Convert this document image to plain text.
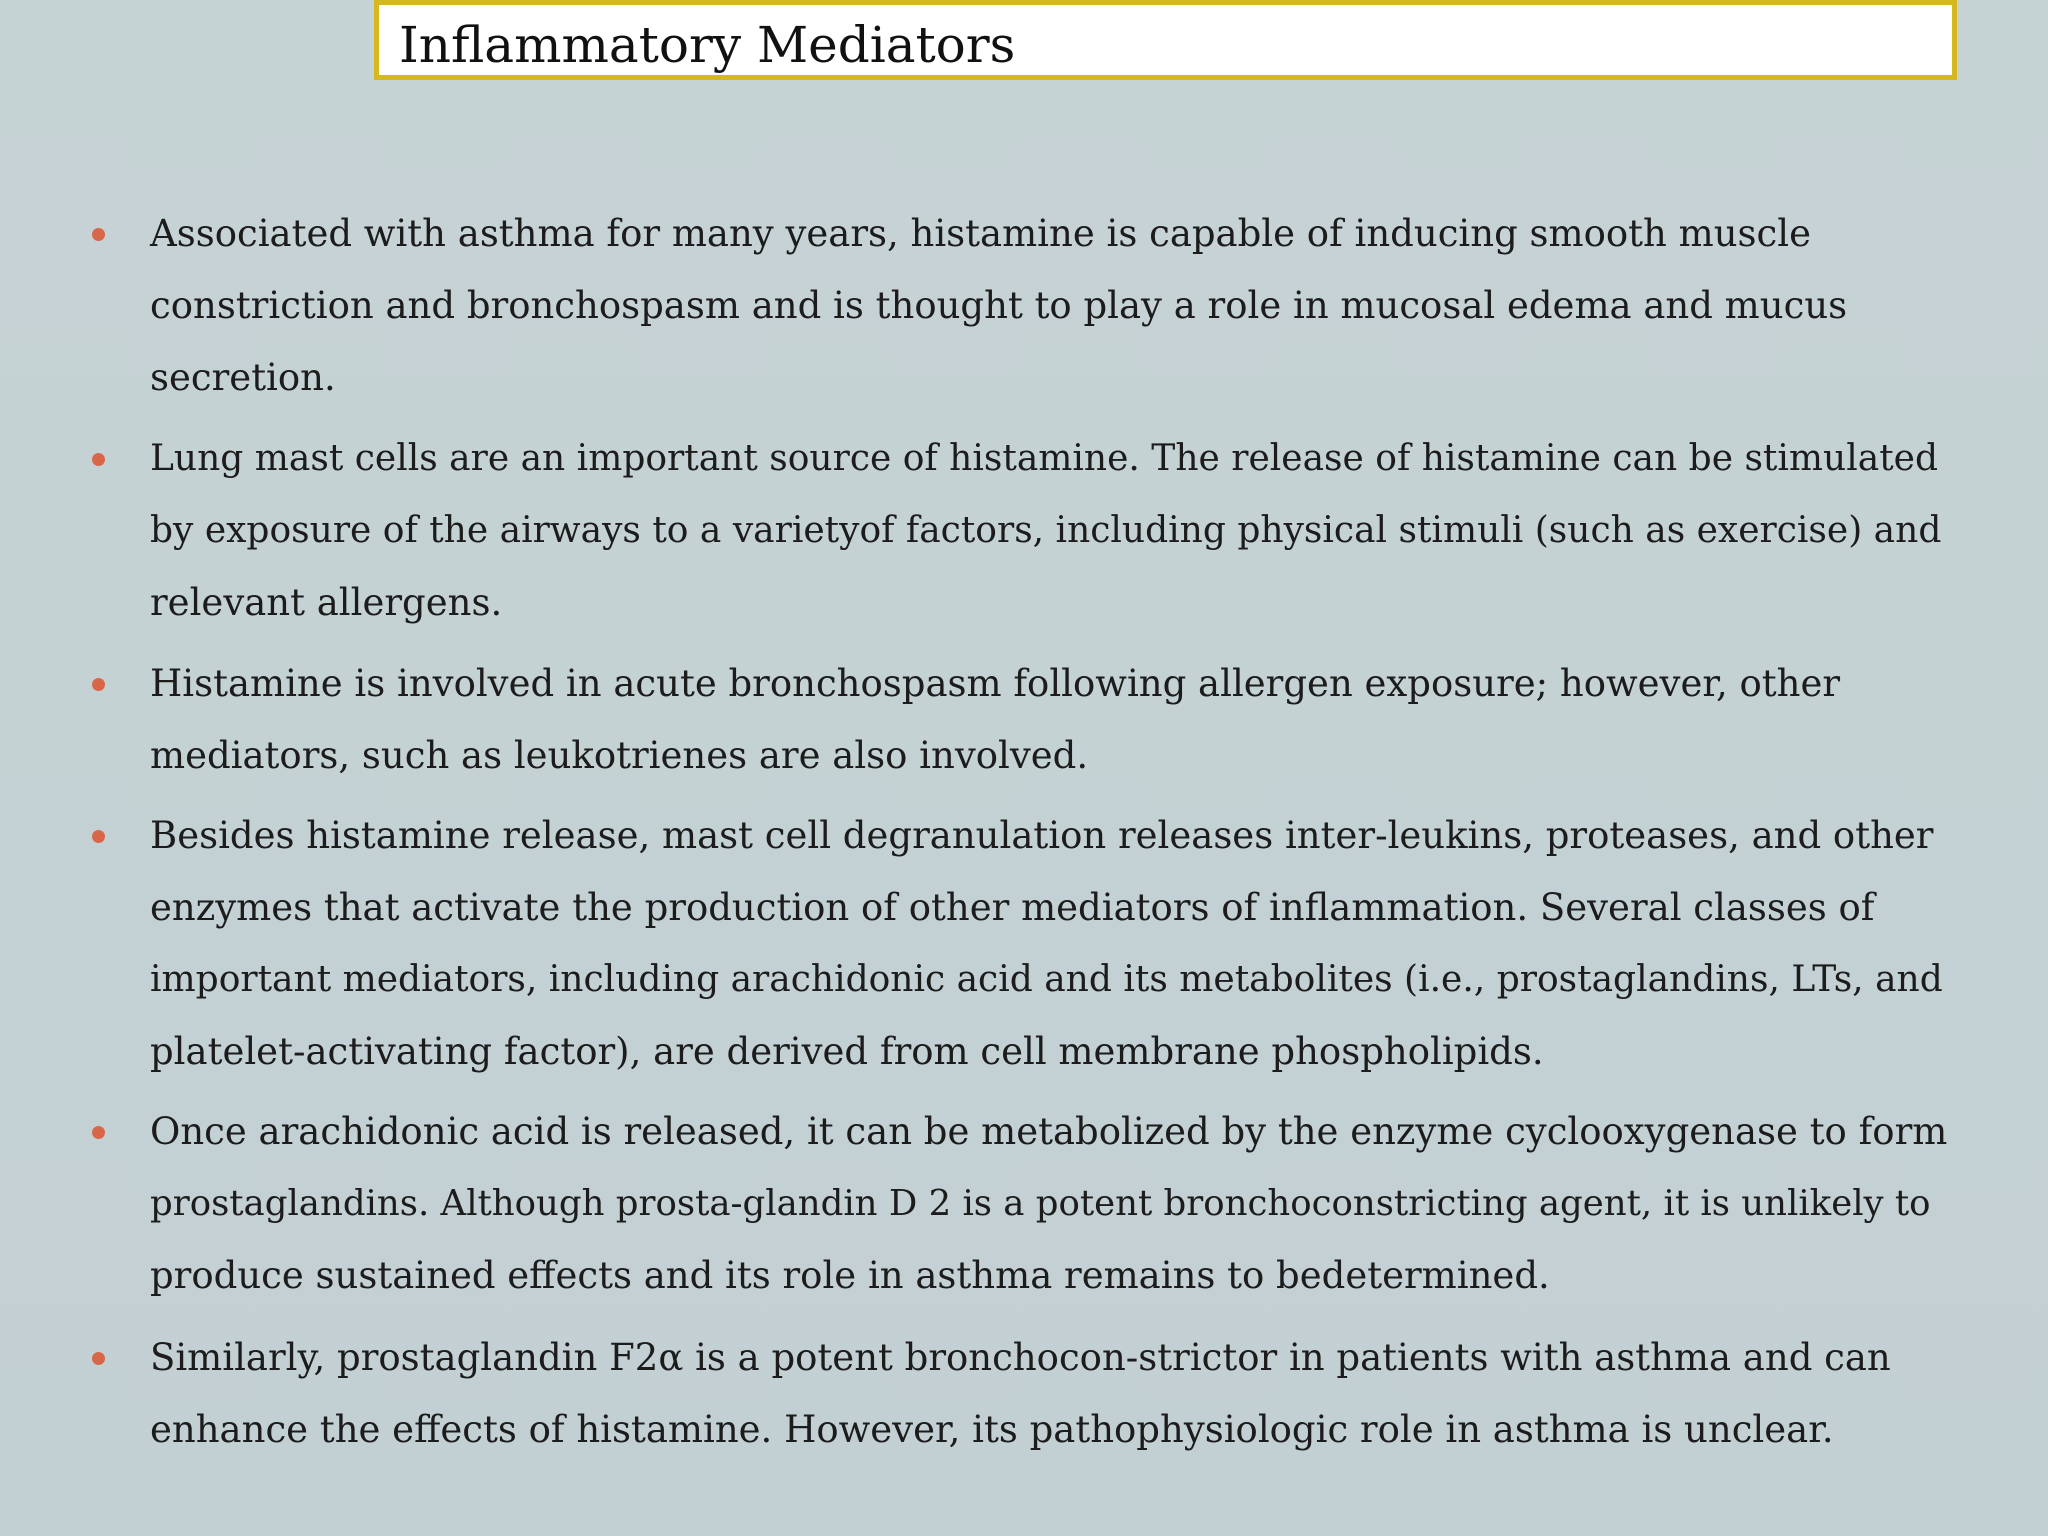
Inflammatory Mediators
Associated with asthma for many years, histamine is capable of inducing smooth muscle
constriction and bronchospasm and is thought to play a role in mucosal edema and mucus
secretion.
Lung mast cells are an important source of histamine. The release of histamine can be stimulated
by exposure of the airways to a varietyof factors, including physical stimuli (such as exercise) and
relevant allergens.
Histamine is involved in acute bronchospasm following allergen exposure; however, other
mediators, such as leukotrienes are also involved.
Besides histamine release, mast cell degranulation releases inter-leukins, proteases, and other
enzymes that activate the production of other mediators of inflammation. Several classes of
important mediators, including arachidonic acid and its metabolites (i.e., prostaglandins, LTs, and
platelet-activating factor), are derived from cell membrane phospholipids.
Once arachidonic acid is released, it can be metabolized by the enzyme cyclooxygenase to form
prostaglandins. Although prosta-glandin D 2 is a potent bronchoconstricting agent, it is unlikely to
produce sustained effects and its role in asthma remains to bedetermined.
Similarly, prostaglandin F2α is a potent bronchocon-strictor in patients with asthma and can
enhance the effects of histamine. However, its pathophysiologic role in asthma is unclear.
